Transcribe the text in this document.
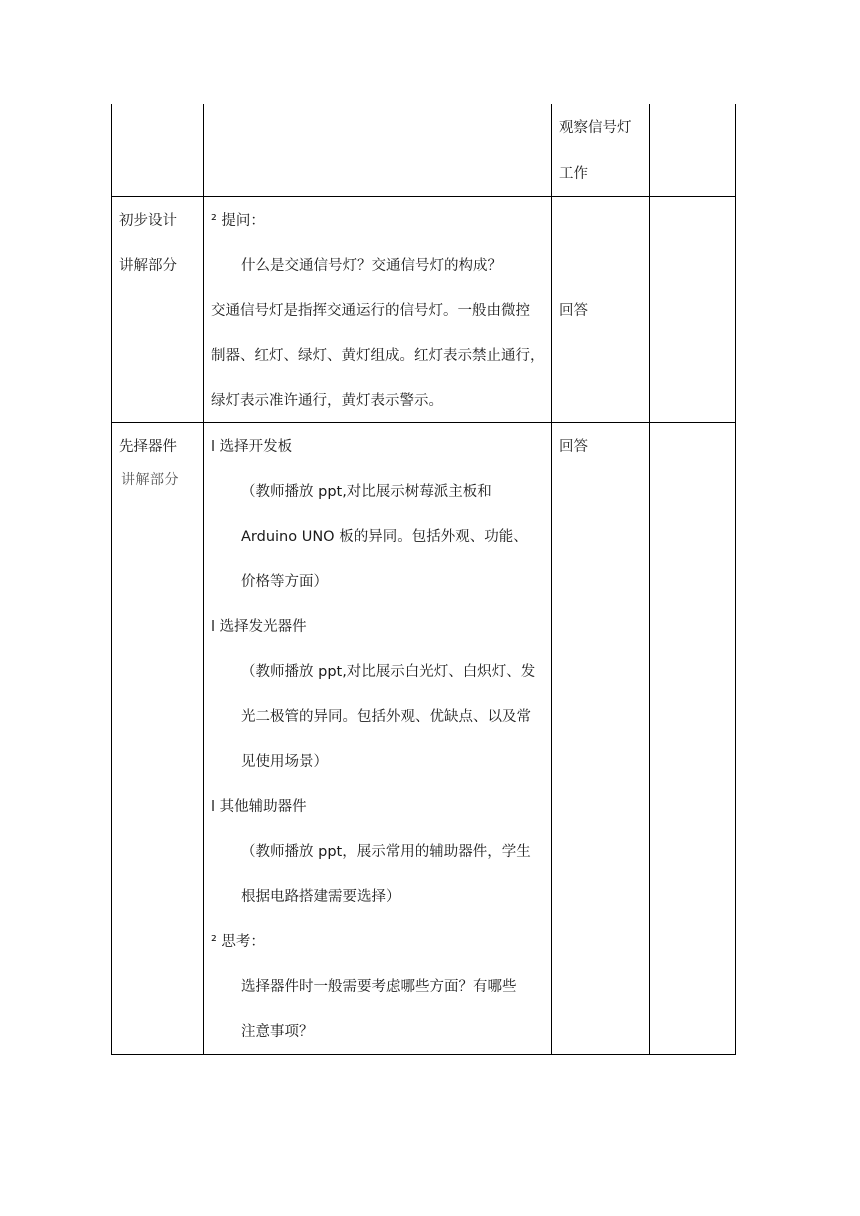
观察信号灯
工作
初步设计
讲解部分
² 提问：
什么是交通信号灯？交通信号灯的构成？
交通信号灯是指挥交通运行的信号灯。一般由微控
制器、红灯、绿灯、黄灯组成。红灯表示禁止通行，
绿灯表示准许通行，黄灯表示警示。
回答
先择器件
讲解部分
l 选择开发板
（教师播放 ppt,对比展示树莓派主板和
Arduino UNO 板的异同。包括外观、功能、
价格等方面）
l 选择发光器件
（教师播放 ppt,对比展示白光灯、白炽灯、发
光二极管的异同。包括外观、优缺点、以及常
见使用场景）
l 其他辅助器件
（教师播放 ppt，展示常用的辅助器件，学生
根据电路搭建需要选择）
² 思考：
选择器件时一般需要考虑哪些方面？有哪些
注意事项？
回答
